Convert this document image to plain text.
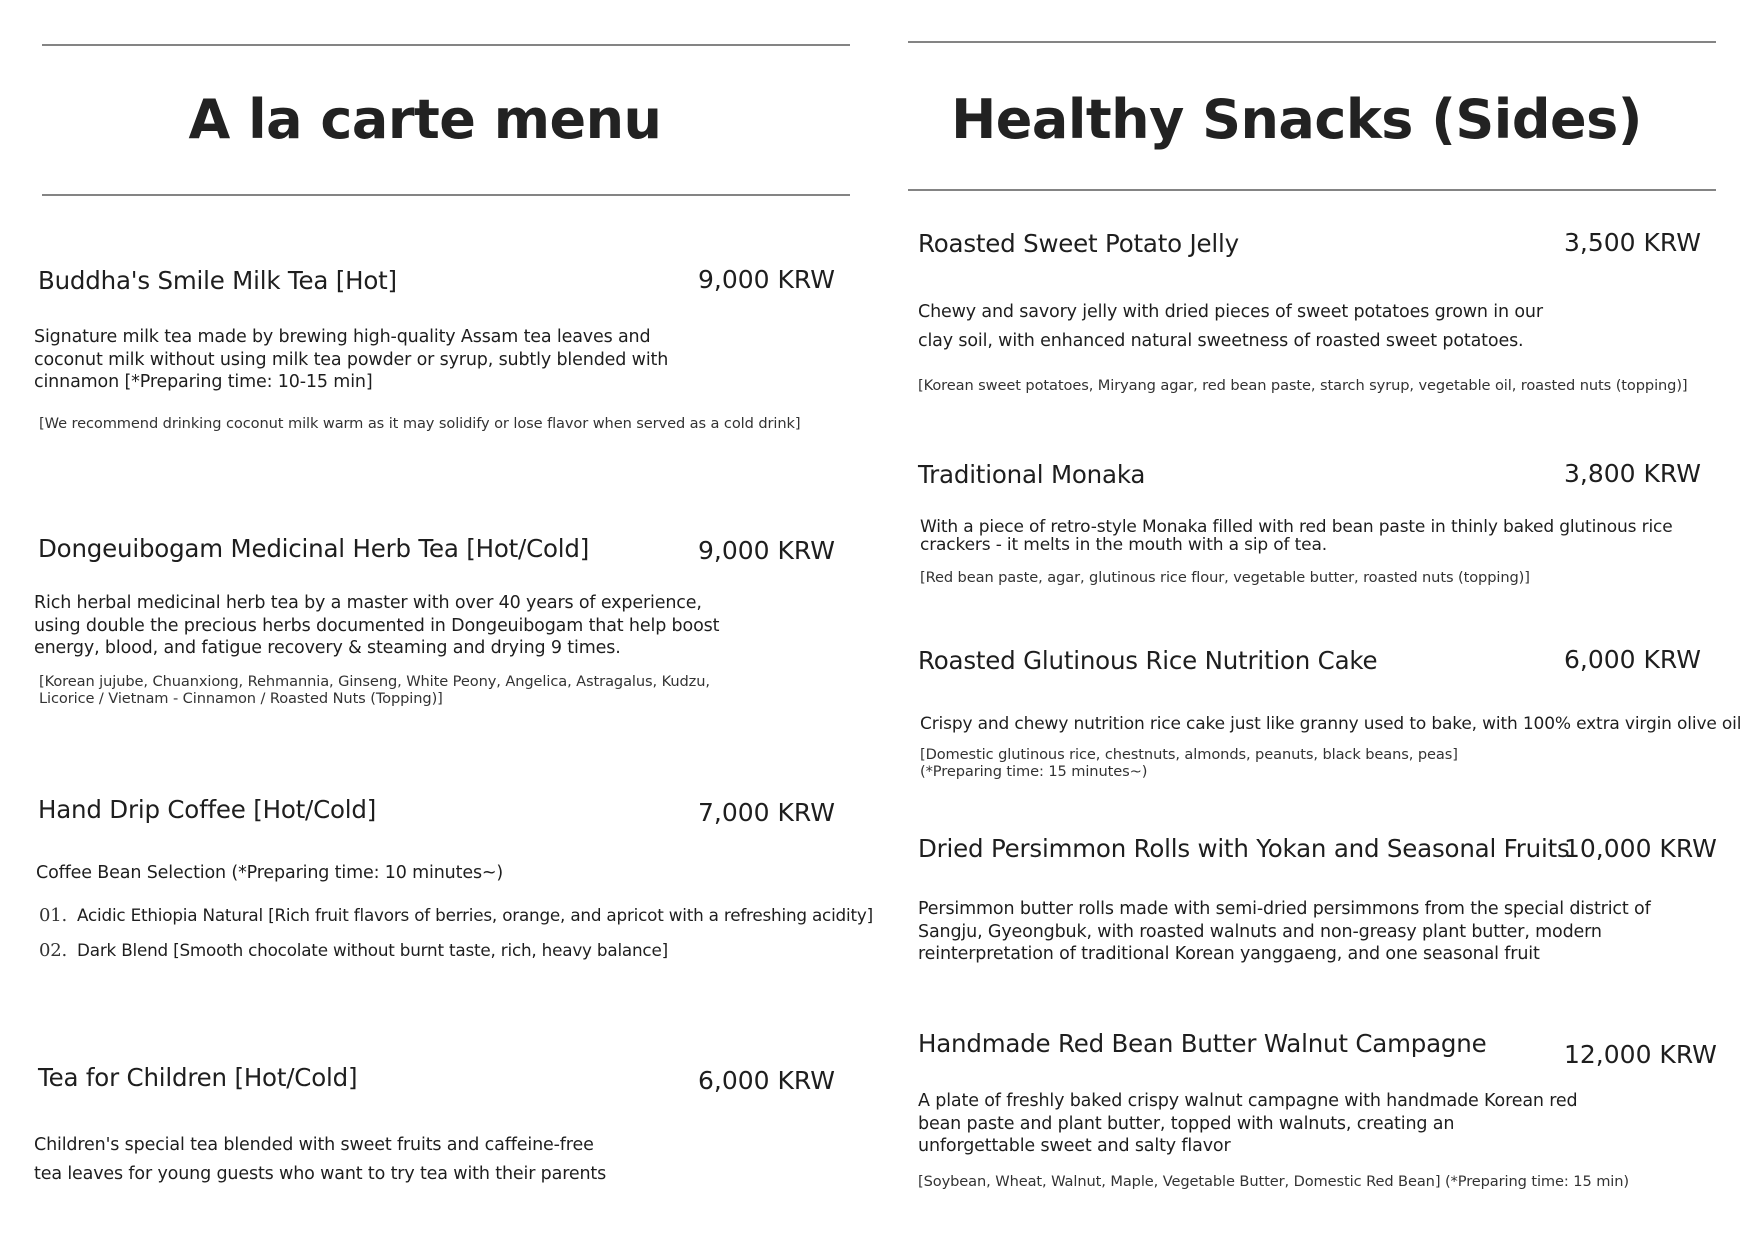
A la carte menu
Buddha's Smile Milk Tea [Hot]	9,000 KRW
Signature milk tea made by brewing high-quality Assam tea leaves and
coconut milk without using milk tea powder or syrup, subtly blended with
cinnamon [*Preparing time: 10-15 min]
[We recommend drinking coconut milk warm as it may solidify or lose flavor when served as a cold drink]
Dongeuibogam Medicinal Herb Tea [Hot/Cold]	9,000 KRW
Rich herbal medicinal herb tea by a master with over 40 years of experience,
using double the precious herbs documented in Dongeuibogam that help boost
energy, blood, and fatigue recovery & steaming and drying 9 times.
[Korean jujube, Chuanxiong, Rehmannia, Ginseng, White Peony, Angelica, Astragalus, Kudzu,
Licorice / Vietnam - Cinnamon / Roasted Nuts (Topping)]
Hand Drip Coffee [Hot/Cold]	7,000 KRW
Coffee Bean Selection (*Preparing time: 10 minutes~)
01. Acidic Ethiopia Natural [Rich fruit flavors of berries, orange, and apricot with a refreshing acidity]
02. Dark Blend [Smooth chocolate without burnt taste, rich, heavy balance]
Tea for Children [Hot/Cold]	6,000 KRW
Children's special tea blended with sweet fruits and caffeine-free
tea leaves for young guests who want to try tea with their parents
Healthy Snacks (Sides)
Roasted Sweet Potato Jelly	3,500 KRW
Chewy and savory jelly with dried pieces of sweet potatoes grown in our
clay soil, with enhanced natural sweetness of roasted sweet potatoes.
[Korean sweet potatoes, Miryang agar, red bean paste, starch syrup, vegetable oil, roasted nuts (topping)]
Traditional Monaka	3,800 KRW
With a piece of retro-style Monaka filled with red bean paste in thinly baked glutinous rice
crackers - it melts in the mouth with a sip of tea.
[Red bean paste, agar, glutinous rice flour, vegetable butter, roasted nuts (topping)]
Roasted Glutinous Rice Nutrition Cake	6,000 KRW
Crispy and chewy nutrition rice cake just like granny used to bake, with 100% extra virgin olive oil
[Domestic glutinous rice, chestnuts, almonds, peanuts, black beans, peas]
(*Preparing time: 15 minutes~)
Dried Persimmon Rolls with Yokan and Seasonal Fruits
10,000 KRW
Persimmon butter rolls made with semi-dried persimmons from the special district of
Sangju, Gyeongbuk, with roasted walnuts and non-greasy plant butter, modern
reinterpretation of traditional Korean yanggaeng, and one seasonal fruit
Handmade Red Bean Butter Walnut Campagne	12,000 KRW
A plate of freshly baked crispy walnut campagne with handmade Korean red
bean paste and plant butter, topped with walnuts, creating an
unforgettable sweet and salty flavor
[Soybean, Wheat, Walnut, Maple, Vegetable Butter, Domestic Red Bean] (*Preparing time: 15 min)
